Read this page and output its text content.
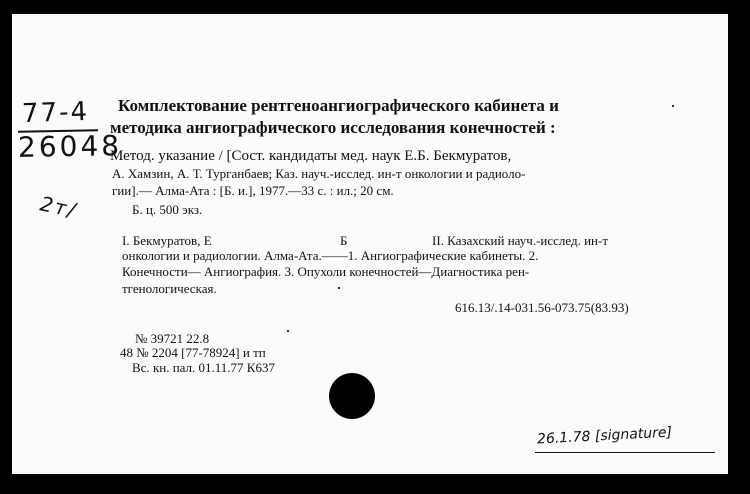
77-4
26048
2т/
Комплектование рентгеноангиографического кабинета и
методика ангиографического исследования конечностей :
Метод. указание / [Сост. кандидаты мед. наук Е.Б. Бекмуратов,
А. Хамзин, А. Т. Турганбаев; Каз. науч.-исслед. ин-т онкологии и радиоло-
гии].— Алма-Ата : [Б. и.], 1977.—33 с. : ил.; 20 см.
Б. ц. 500 экз.
I. Бекмуратов, Е	Б	II. Казахский науч.-исслед. ин-т
онкологии и радиологии. Алма-Ата.——1. Ангиографические кабинеты. 2.
Конечности— Ангиография. 3. Опухоли конечностей—Диагностика рен-
тгенологическая.
616.13/.14-031.56-073.75(83.93)
№ 39721 22.8
48 № 2204 [77-78924] и тп
Вс. кн. пал. 01.11.77 К637
26.1.78 [signature]
